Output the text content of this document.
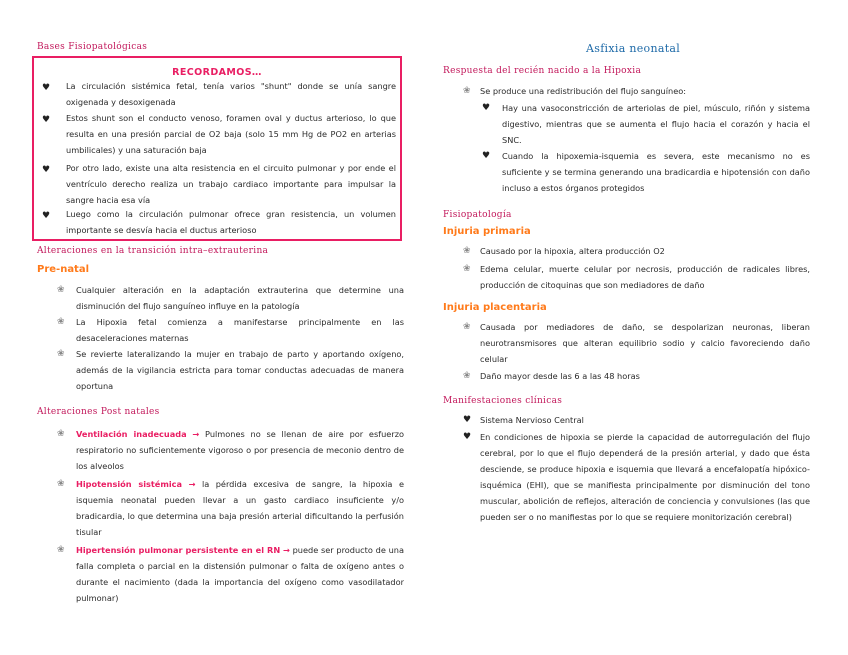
Bases Fisiopatológicas
RECORDAMOS…
♥ La circulación sistémica fetal, tenía varios "shunt" donde se unía sangre oxigenada y desoxigenada
♥ Estos shunt son el conducto venoso, foramen oval y ductus arterioso, lo que resulta en una presión parcial de O2 baja (solo 15 mm Hg de PO2 en arterias umbilicales) y una saturación baja
♥ Por otro lado, existe una alta resistencia en el circuito pulmonar y por ende el ventrículo derecho realiza un trabajo cardiaco importante para impulsar la sangre hacia esa vía
♥ Luego como la circulación pulmonar ofrece gran resistencia, un volumen importante se desvía hacia el ductus arterioso
Alteraciones en la transición intra–extrauterina
Pre-natal
❀ Cualquier alteración en la adaptación extrauterina que determine una disminución del flujo sanguíneo influye en la patología
❀ La Hipoxia fetal comienza a manifestarse principalmente en las desaceleraciones maternas
❀ Se revierte lateralizando la mujer en trabajo de parto y aportando oxígeno, además de la vigilancia estricta para tomar conductas adecuadas de manera oportuna
Alteraciones Post natales
❀ Ventilación inadecuada → Pulmones no se llenan de aire por esfuerzo respiratorio no suficientemente vigoroso o por presencia de meconio dentro de los alveolos
❀ Hipotensión sistémica → la pérdida excesiva de sangre, la hipoxia e isquemia neonatal pueden llevar a un gasto cardiaco insuficiente y/o bradicardia, lo que determina una baja presión arterial dificultando la perfusión tisular
❀ Hipertensión pulmonar persistente en el RN → puede ser producto de una falla completa o parcial en la distensión pulmonar o falta de oxígeno antes o durante el nacimiento (dada la importancia del oxígeno como vasodilatador pulmonar)
Asfixia neonatal
Respuesta del recién nacido a la Hipoxia
❀ Se produce una redistribución del flujo sanguíneo:
♥ Hay una vasoconstricción de arteriolas de piel, músculo, riñón y sistema digestivo, mientras que se aumenta el flujo hacia el corazón y hacia el SNC.
♥ Cuando la hipoxemia-isquemia es severa, este mecanismo no es suficiente y se termina generando una bradicardia e hipotensión con daño incluso a estos órganos protegidos
Fisiopatología
Injuria primaria
❀ Causado por la hipoxia, altera producción O2
❀ Edema celular, muerte celular por necrosis, producción de radicales libres, producción de citoquinas que son mediadores de daño
Injuria placentaria
❀ Causada por mediadores de daño, se despolarizan neuronas, liberan neurotransmisores que alteran equilibrio sodio y calcio favoreciendo daño celular
❀ Daño mayor desde las 6 a las 48 horas
Manifestaciones clínicas
♥ Sistema Nervioso Central
♥ En condiciones de hipoxia se pierde la capacidad de autorregulación del flujo cerebral, por lo que el flujo dependerá de la presión arterial, y dado que ésta desciende, se produce hipoxia e isquemia que llevará a encefalopatía hipóxico-isquémica (EHI), que se manifiesta principalmente por disminución del tono muscular, abolición de reflejos, alteración de conciencia y convulsiones (las que pueden ser o no manifiestas por lo que se requiere monitorización cerebral)
